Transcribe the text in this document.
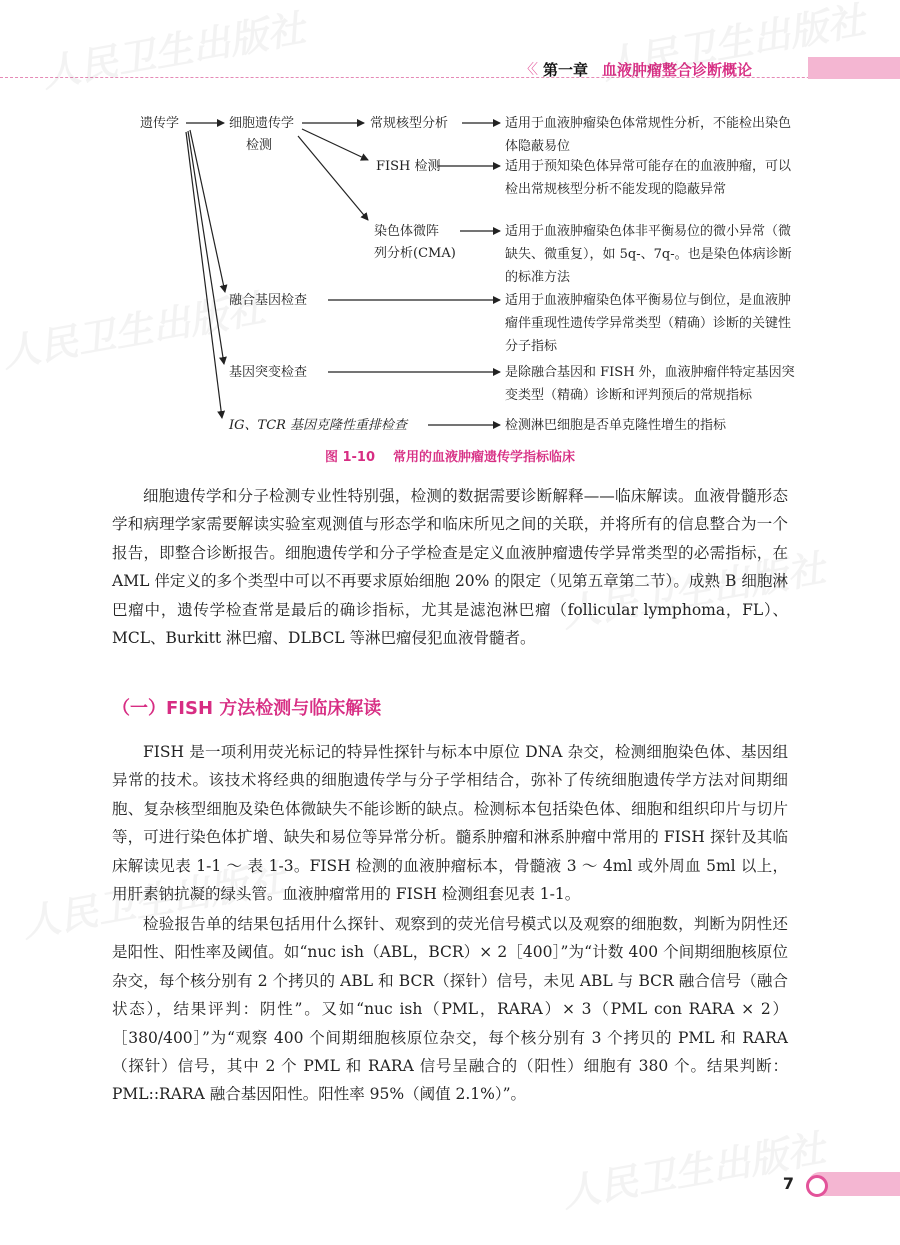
〈〈 第一章 血液肿瘤整合诊断概论
遗传学	细胞遗传学
检测
常规核型分析
FISH 检测
染色体微阵
列分析(CMA)
融合基因检查
基因突变检查
IG、TCR 基因克隆性重排检查
适用于血液肿瘤染色体常规性分析，不能检出染色体隐蔽易位
适用于预知染色体异常可能存在的血液肿瘤，可以检出常规核型分析不能发现的隐蔽异常
适用于血液肿瘤染色体非平衡易位的微小异常（微缺失、微重复），如 5q-、7q-。也是染色体病诊断的标准方法
适用于血液肿瘤染色体平衡易位与倒位，是血液肿瘤伴重现性遗传学异常类型（精确）诊断的关键性分子指标
是除融合基因和 FISH 外，血液肿瘤伴特定基因突变类型（精确）诊断和评判预后的常规指标
检测淋巴细胞是否单克隆性增生的指标
图 1-10 常用的血液肿瘤遗传学指标临床
细胞遗传学和分子检测专业性特别强，检测的数据需要诊断解释——临床解读。血液骨髓形态学和病理学家需要解读实验室观测值与形态学和临床所见之间的关联，并将所有的信息整合为一个报告，即整合诊断报告。细胞遗传学和分子学检查是定义血液肿瘤遗传学异常类型的必需指标，在 AML 伴定义的多个类型中可以不再要求原始细胞 20% 的限定（见第五章第二节）。成熟 B 细胞淋巴瘤中，遗传学检查常是最后的确诊指标，尤其是滤泡淋巴瘤（follicular lymphoma，FL）、MCL、Burkitt 淋巴瘤、DLBCL 等淋巴瘤侵犯血液骨髓者。
（一）FISH 方法检测与临床解读
FISH 是一项利用荧光标记的特异性探针与标本中原位 DNA 杂交，检测细胞染色体、基因组异常的技术。该技术将经典的细胞遗传学与分子学相结合，弥补了传统细胞遗传学方法对间期细胞、复杂核型细胞及染色体微缺失不能诊断的缺点。检测标本包括染色体、细胞和组织印片与切片等，可进行染色体扩增、缺失和易位等异常分析。髓系肿瘤和淋系肿瘤中常用的 FISH 探针及其临床解读见表 1-1 ～ 表 1-3。FISH 检测的血液肿瘤标本，骨髓液 3 ～ 4ml 或外周血 5ml 以上，用肝素钠抗凝的绿头管。血液肿瘤常用的 FISH 检测组套见表 1-1。
检验报告单的结果包括用什么探针、观察到的荧光信号模式以及观察的细胞数，判断为阴性还是阳性、阳性率及阈值。如“nuc ish（ABL，BCR）× 2［400］”为“计数 400 个间期细胞核原位杂交，每个核分别有 2 个拷贝的 ABL 和 BCR（探针）信号，未见 ABL 与 BCR 融合信号（融合状态），结果评判：阴性”。又如“nuc ish（PML，RARA）× 3（PML con RARA × 2）［380/400］”为“观察 400 个间期细胞核原位杂交，每个核分别有 3 个拷贝的 PML 和 RARA（探针）信号，其中 2 个 PML 和 RARA 信号呈融合的（阳性）细胞有 380 个。结果判断：PML::RARA 融合基因阳性。阳性率 95%（阈值 2.1%）”。
7
